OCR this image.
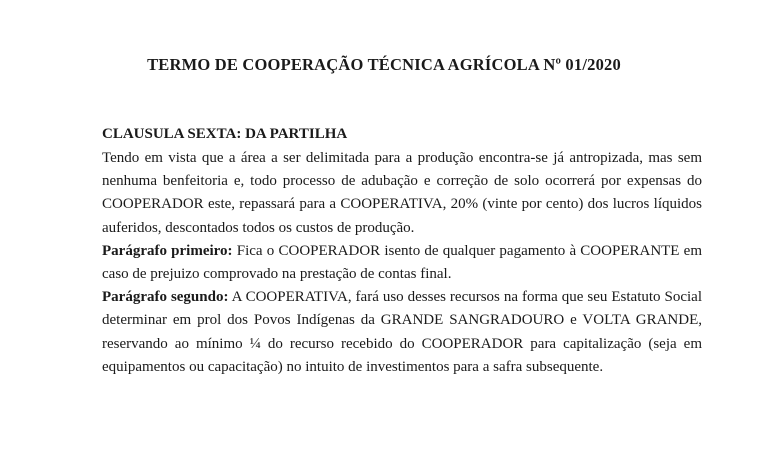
TERMO DE COOPERAÇÃO TÉCNICA AGRÍCOLA Nº 01/2020
CLAUSULA SEXTA: DA PARTILHA

Tendo em vista que a área a ser delimitada para a produção encontra-se já antropizada, mas sem nenhuma benfeitoria e, todo processo de adubação e correção de solo ocorrerá por expensas do COOPERADOR este, repassará para a COOPERATIVA, 20% (vinte por cento) dos lucros líquidos auferidos, descontados todos os custos de produção.

Parágrafo primeiro: Fica o COOPERADOR isento de qualquer pagamento à COOPERANTE em caso de prejuizo comprovado na prestação de contas final.

Parágrafo segundo: A COOPERATIVA, fará uso desses recursos na forma que seu Estatuto Social determinar em prol dos Povos Indígenas da GRANDE SANGRADOURO e VOLTA GRANDE, reservando ao mínimo ¼ do recurso recebido do COOPERADOR para capitalização (seja em equipamentos ou capacitação) no intuito de investimentos para a safra subsequente.
